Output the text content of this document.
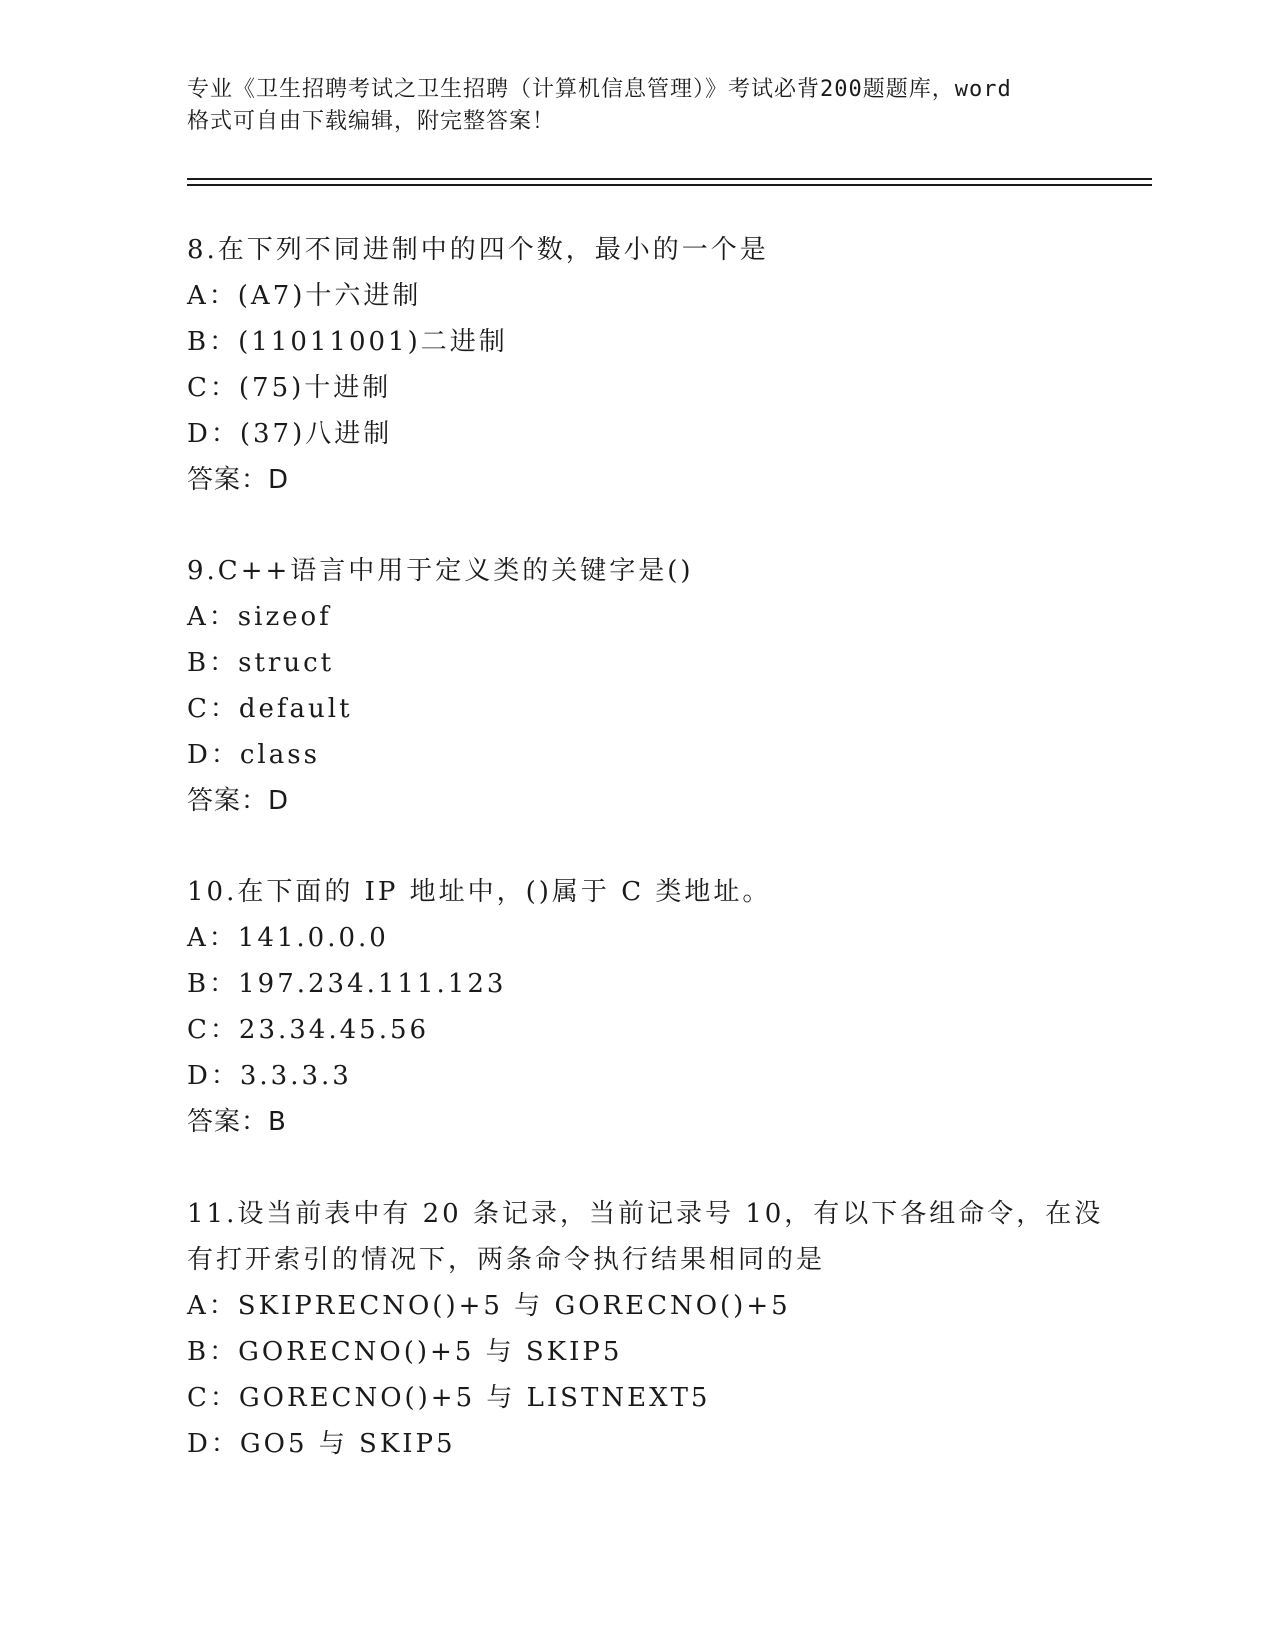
专业《卫生招聘考试之卫生招聘（计算机信息管理）》考试必背200题题库，word
格式可自由下载编辑，附完整答案！
8.在下列不同进制中的四个数，最小的一个是
A：(A7)十六进制
B：(11011001)二进制
C：(75)十进制
D：(37)八进制
答案：D
9.C++语言中用于定义类的关键字是()
A：sizeof
B：struct
C：default
D：class
答案：D
10.在下面的 IP 地址中，()属于 C 类地址。
A：141.0.0.0
B：197.234.111.123
C：23.34.45.56
D：3.3.3.3
答案：B
11.设当前表中有 20 条记录，当前记录号 10，有以下各组命令，在没
有打开索引的情况下，两条命令执行结果相同的是
A：SKIPRECNO()+5 与 GORECNO()+5
B：GORECNO()+5 与 SKIP5
C：GORECNO()+5 与 LISTNEXT5
D：GO5 与 SKIP5
